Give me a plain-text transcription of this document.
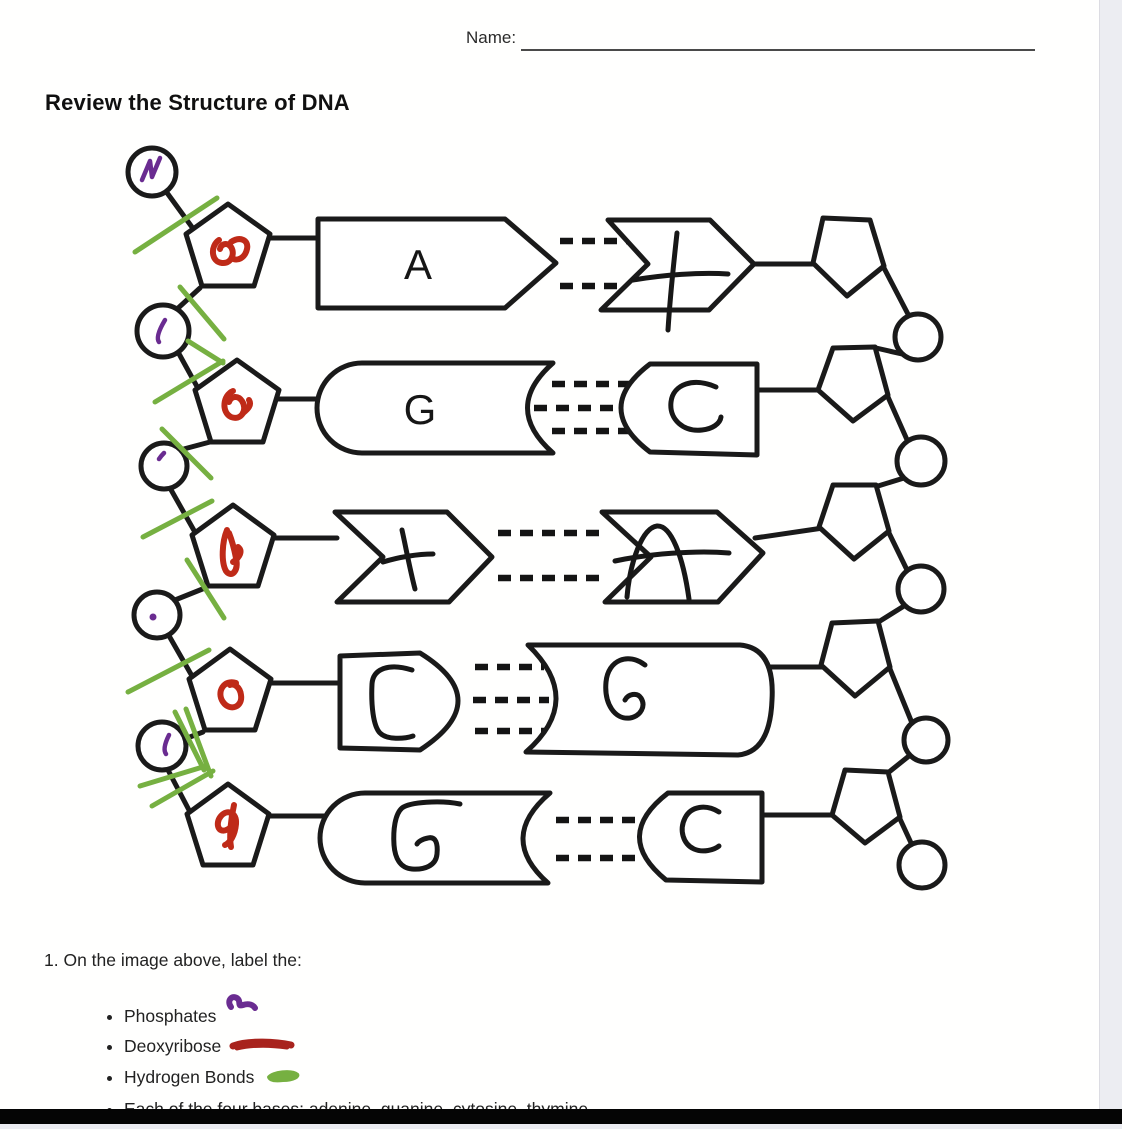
Name:
Review the Structure of DNA
A
G
1. On the image above, label the:
• Phosphates
• Deoxyribose
• Hydrogen Bonds
•
